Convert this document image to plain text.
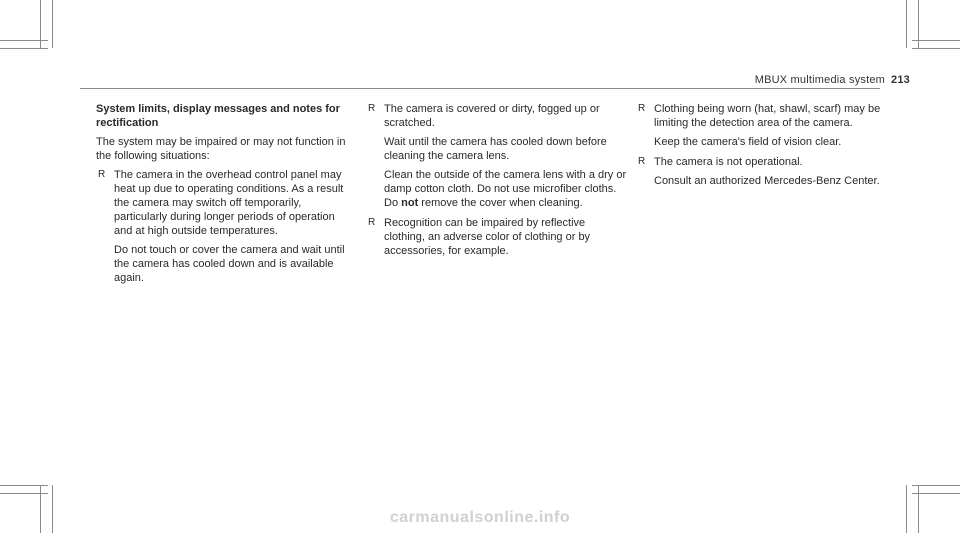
MBUX multimedia system 213
System limits, display messages and notes for rectification

The system may be impaired or may not function in the following situations:

R The camera in the overhead control panel may heat up due to operating conditions. As a result the camera may switch off temporarily, particularly during longer periods of operation and at high outside temperatures.
Do not touch or cover the camera and wait until the camera has cooled down and is available again.
R The camera is covered or dirty, fogged up or scratched.
Wait until the camera has cooled down before cleaning the camera lens.
Clean the outside of the camera lens with a dry or damp cotton cloth. Do not use microfiber cloths. Do not remove the cover when cleaning.
R Recognition can be impaired by reflective clothing, an adverse color of clothing or by accessories, for example.
R Clothing being worn (hat, shawl, scarf) may be limiting the detection area of the camera.
Keep the camera's field of vision clear.
R The camera is not operational.
Consult an authorized Mercedes-Benz Center.
carmanualsonline.info
